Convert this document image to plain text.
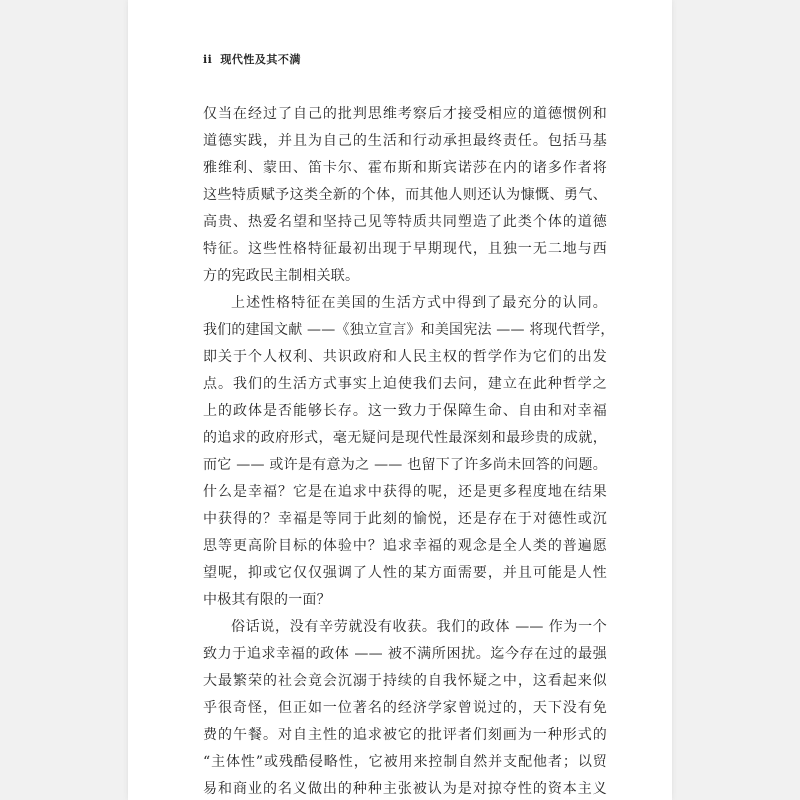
ii 现代性及其不满
仅当在经过了自己的批判思维考察后才接受相应的道德惯例和
道德实践，并且为自己的生活和行动承担最终责任。包括马基
雅维利、蒙田、笛卡尔、霍布斯和斯宾诺莎在内的诸多作者将
这些特质赋予这类全新的个体，而其他人则还认为慷慨、勇气、
高贵、热爱名望和坚持己见等特质共同塑造了此类个体的道德
特征。这些性格特征最初出现于早期现代，且独一无二地与西
方的宪政民主制相关联。
上述性格特征在美国的生活方式中得到了最充分的认同。
我们的建国文献 ——《独立宣言》和美国宪法 —— 将现代哲学，
即关于个人权利、共识政府和人民主权的哲学作为它们的出发
点。我们的生活方式事实上迫使我们去问，建立在此种哲学之
上的政体是否能够长存。这一致力于保障生命、自由和对幸福
的追求的政府形式，毫无疑问是现代性最深刻和最珍贵的成就，
而它 —— 或许是有意为之 —— 也留下了许多尚未回答的问题。
什么是幸福？它是在追求中获得的呢，还是更多程度地在结果
中获得的？幸福是等同于此刻的愉悦，还是存在于对德性或沉
思等更高阶目标的体验中？追求幸福的观念是全人类的普遍愿
望呢，抑或它仅仅强调了人性的某方面需要，并且可能是人性
中极其有限的一面？
俗话说，没有辛劳就没有收获。我们的政体 —— 作为一个
致力于追求幸福的政体 —— 被不满所困扰。迄今存在过的最强
大最繁荣的社会竟会沉溺于持续的自我怀疑之中，这看起来似
乎很奇怪，但正如一位著名的经济学家曾说过的，天下没有免
费的午餐。对自主性的追求被它的批评者们刻画为一种形式的
“主体性”或残酷侵略性，它被用来控制自然并支配他者；以贸
易和商业的名义做出的种种主张被认为是对掠夺性的资本主义
